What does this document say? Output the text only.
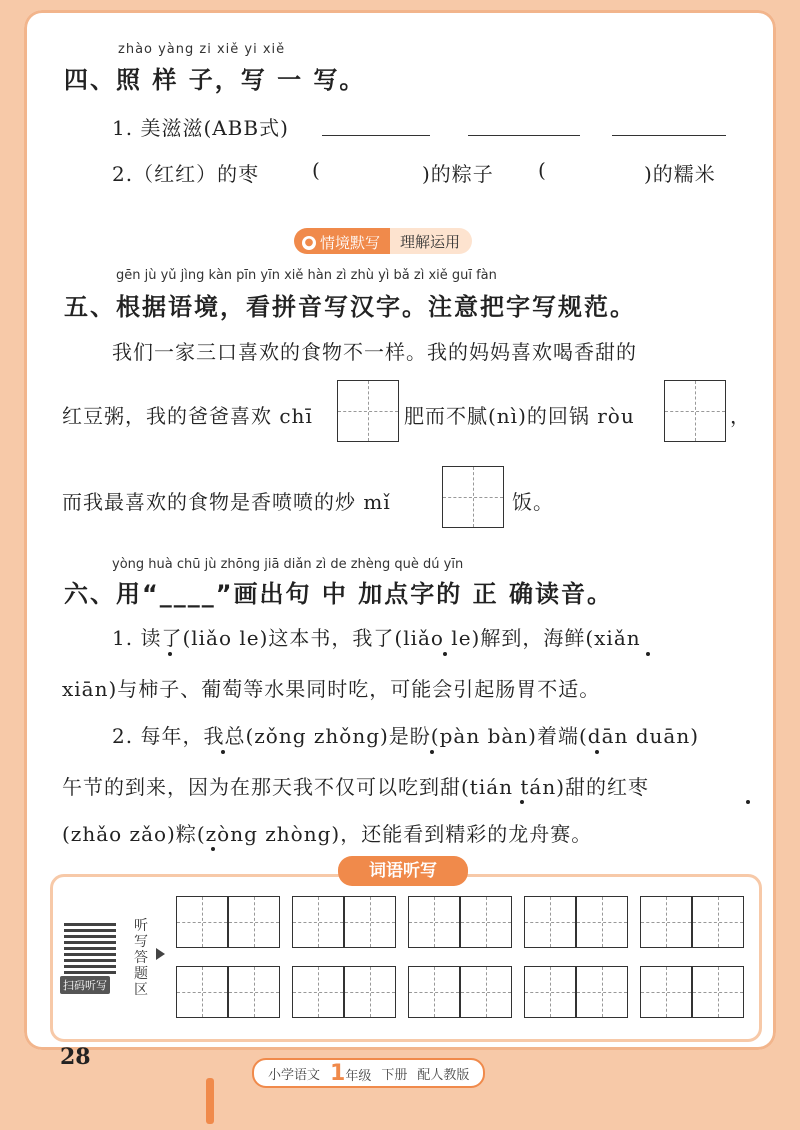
zhào yàng zi xiě yi xiě
四、照 样 子，写 一 写。
1. 美滋滋(ABB式)
2.（红红）的枣	(	)的粽子 (	)的糯米
● 情境默写	理解运用
gēn jù yǔ jìng kàn pīn yīn xiě hàn zì zhù yì bǎ zì xiě guī fàn
五、根据语境，看拼音写汉字。注意把字写规范。
我们一家三口喜欢的食物不一样。我的妈妈喜欢喝香甜的
红豆粥，我的爸爸喜欢 chī	肥而不腻(nì)的回锅 ròu	，
而我最喜欢的食物是香喷喷的炒 mǐ	饭。
yòng huà chū jù zhōng jiā diǎn zì de zhèng què dú yīn
六、用“____”画出句 中 加点字的 正 确读音。
1. 读了(liǎo le)这本书，我了(liǎo le)解到，海鲜(xiǎn
xiān)与柿子、葡萄等水果同时吃，可能会引起肠胃不适。
2. 每年，我总(zǒng zhǒng)是盼(pàn bàn)着端(dān duān)
午节的到来，因为在那天我不仅可以吃到甜(tián tán)甜的红枣
(zhǎo zǎo)粽(zòng zhòng)，还能看到精彩的龙舟赛。
词语听写
扫码听写
听写答题区
28
小学语文 1年级 下册 配人教版
